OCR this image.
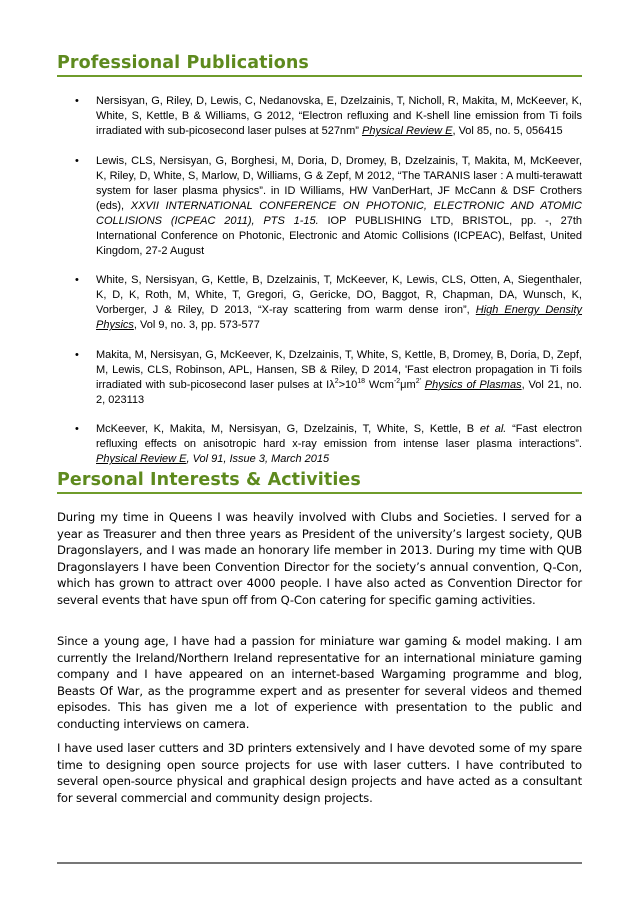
Professional Publications
• Nersisyan, G, Riley, D, Lewis, C, Nedanovska, E, Dzelzainis, T, Nicholl, R, Makita, M, McKeever, K, White, S, Kettle, B & Williams, G 2012, “Electron refluxing and K-shell line emission from Ti foils irradiated with sub-picosecond laser pulses at 527nm” Physical Review E, Vol 85, no. 5, 056415
• Lewis, CLS, Nersisyan, G, Borghesi, M, Doria, D, Dromey, B, Dzelzainis, T, Makita, M, McKeever, K, Riley, D, White, S, Marlow, D, Williams, G & Zepf, M 2012, “The TARANIS laser : A multi-terawatt system for laser plasma physics”. in ID Williams, HW VanDerHart, JF McCann & DSF Crothers (eds), XXVII INTERNATIONAL CONFERENCE ON PHOTONIC, ELECTRONIC AND ATOMIC COLLISIONS (ICPEAC 2011), PTS 1-15. IOP PUBLISHING LTD, BRISTOL, pp. -, 27th International Conference on Photonic, Electronic and Atomic Collisions (ICPEAC), Belfast, United Kingdom, 27-2 August
• White, S, Nersisyan, G, Kettle, B, Dzelzainis, T, McKeever, K, Lewis, CLS, Otten, A, Siegenthaler, K, D, K, Roth, M, White, T, Gregori, G, Gericke, DO, Baggot, R, Chapman, DA, Wunsch, K, Vorberger, J & Riley, D 2013, “X-ray scattering from warm dense iron”, High Energy Density Physics, Vol 9, no. 3, pp. 573-577
• Makita, M, Nersisyan, G, McKeever, K, Dzelzainis, T, White, S, Kettle, B, Dromey, B, Doria, D, Zepf, M, Lewis, CLS, Robinson, APL, Hansen, SB & Riley, D 2014, 'Fast electron propagation in Ti foils irradiated with sub-picosecond laser pulses at $I\lambda^2>10^{18}$ $Wcm^{-2}\mu m^{2'}$ Physics of Plasmas, Vol 21, no. 2, 023113
• McKeever, K, Makita, M, Nersisyan, G, Dzelzainis, T, White, S, Kettle, B et al. “Fast electron refluxing effects on anisotropic hard x-ray emission from intense laser plasma interactions”. Physical Review E, Vol 91, Issue 3, March 2015
Personal Interests & Activities

During my time in Queens I was heavily involved with Clubs and Societies. I served for a year as Treasurer and then three years as President of the university’s largest society, QUB Dragonslayers, and I was made an honorary life member in 2013. During my time with QUB Dragonslayers I have been Convention Director for the society’s annual convention, Q-Con, which has grown to attract over 4000 people. I have also acted as Convention Director for several events that have spun off from Q-Con catering for specific gaming activities.

Since a young age, I have had a passion for miniature war gaming & model making. I am currently the Ireland/Northern Ireland representative for an international miniature gaming company and I have appeared on an internet-based Wargaming programme and blog, Beasts Of War, as the programme expert and as presenter for several videos and themed episodes. This has given me a lot of experience with presentation to the public and conducting interviews on camera.

I have used laser cutters and 3D printers extensively and I have devoted some of my spare time to designing open source projects for use with laser cutters. I have contributed to several open-source physical and graphical design projects and have acted as a consultant for several commercial and community design projects.
